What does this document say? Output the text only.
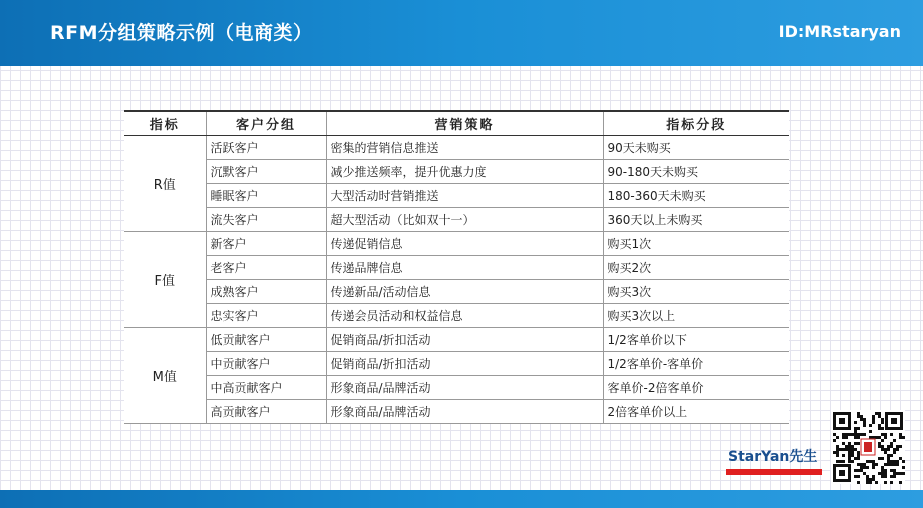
RFM分组策略示例（电商类）	ID:MRstaryan
指标	客户分组	营销策略	指标分段
R值	活跃客户	密集的营销信息推送	90天未购买
	沉默客户	减少推送频率，提升优惠力度	90-180天未购买
	睡眠客户	大型活动时营销推送	180-360天未购买
	流失客户	超大型活动（比如双十一）	360天以上未购买
F值	新客户	传递促销信息	购买1次
	老客户	传递品牌信息	购买2次
	成熟客户	传递新品/活动信息	购买3次
	忠实客户	传递会员活动和权益信息	购买3次以上
M值	低贡献客户	促销商品/折扣活动	1/2客单价以下
	中贡献客户	促销商品/折扣活动	1/2客单价-客单价
	中高贡献客户	形象商品/品牌活动	客单价-2倍客单价
	高贡献客户	形象商品/品牌活动	2倍客单价以上
StarYan先生
